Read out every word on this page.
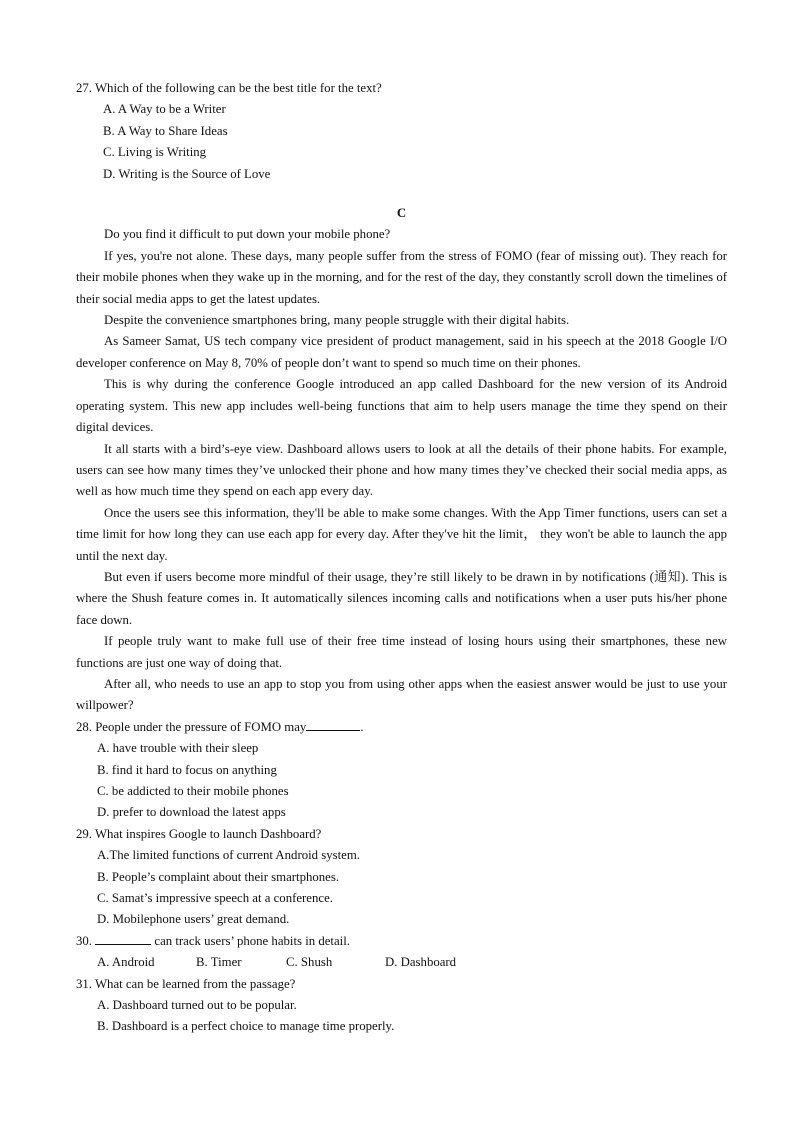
27. Which of the following can be the best title for the text?
A. A Way to be a Writer
B. A Way to Share Ideas
C. Living is Writing
D. Writing is the Source of Love
C
Do you find it difficult to put down your mobile phone?
If yes, you're not alone. These days, many people suffer from the stress of FOMO (fear of missing out). They reach for their mobile phones when they wake up in the morning, and for the rest of the day, they constantly scroll down the timelines of their social media apps to get the latest updates.
Despite the convenience smartphones bring, many people struggle with their digital habits.
As Sameer Samat, US tech company vice president of product management, said in his speech at the 2018 Google I/O developer conference on May 8, 70% of people don’t want to spend so much time on their phones.
This is why during the conference Google introduced an app called Dashboard for the new version of its Android operating system. This new app includes well-being functions that aim to help users manage the time they spend on their digital devices.
It all starts with a bird’s-eye view. Dashboard allows users to look at all the details of their phone habits. For example, users can see how many times they’ve unlocked their phone and how many times they’ve checked their social media apps, as well as how much time they spend on each app every day.
Once the users see this information, they'll be able to make some changes. With the App Timer functions, users can set a time limit for how long they can use each app for every day. After they've hit the limit， they won't be able to launch the app until the next day.
But even if users become more mindful of their usage, they’re still likely to be drawn in by notifications (通知). This is where the Shush feature comes in. It automatically silences incoming calls and notifications when a user puts his/her phone face down.
If people truly want to make full use of their free time instead of losing hours using their smartphones, these new functions are just one way of doing that.
After all, who needs to use an app to stop you from using other apps when the easiest answer would be just to use your willpower?
28. People under the pressure of FOMO may	.
A. have trouble with their sleep
B. find it hard to focus on anything
C. be addicted to their mobile phones
D. prefer to download the latest apps
29. What inspires Google to launch Dashboard?
A.The limited functions of current Android system.
B. People’s complaint about their smartphones.
C. Samat’s impressive speech at a conference.
D. Mobilephone users’ great demand.
30.	can track users’ phone habits in detail.
A. Android	B. Timer	C. Shush	D. Dashboard
31. What can be learned from the passage?
A. Dashboard turned out to be popular.
B. Dashboard is a perfect choice to manage time properly.
